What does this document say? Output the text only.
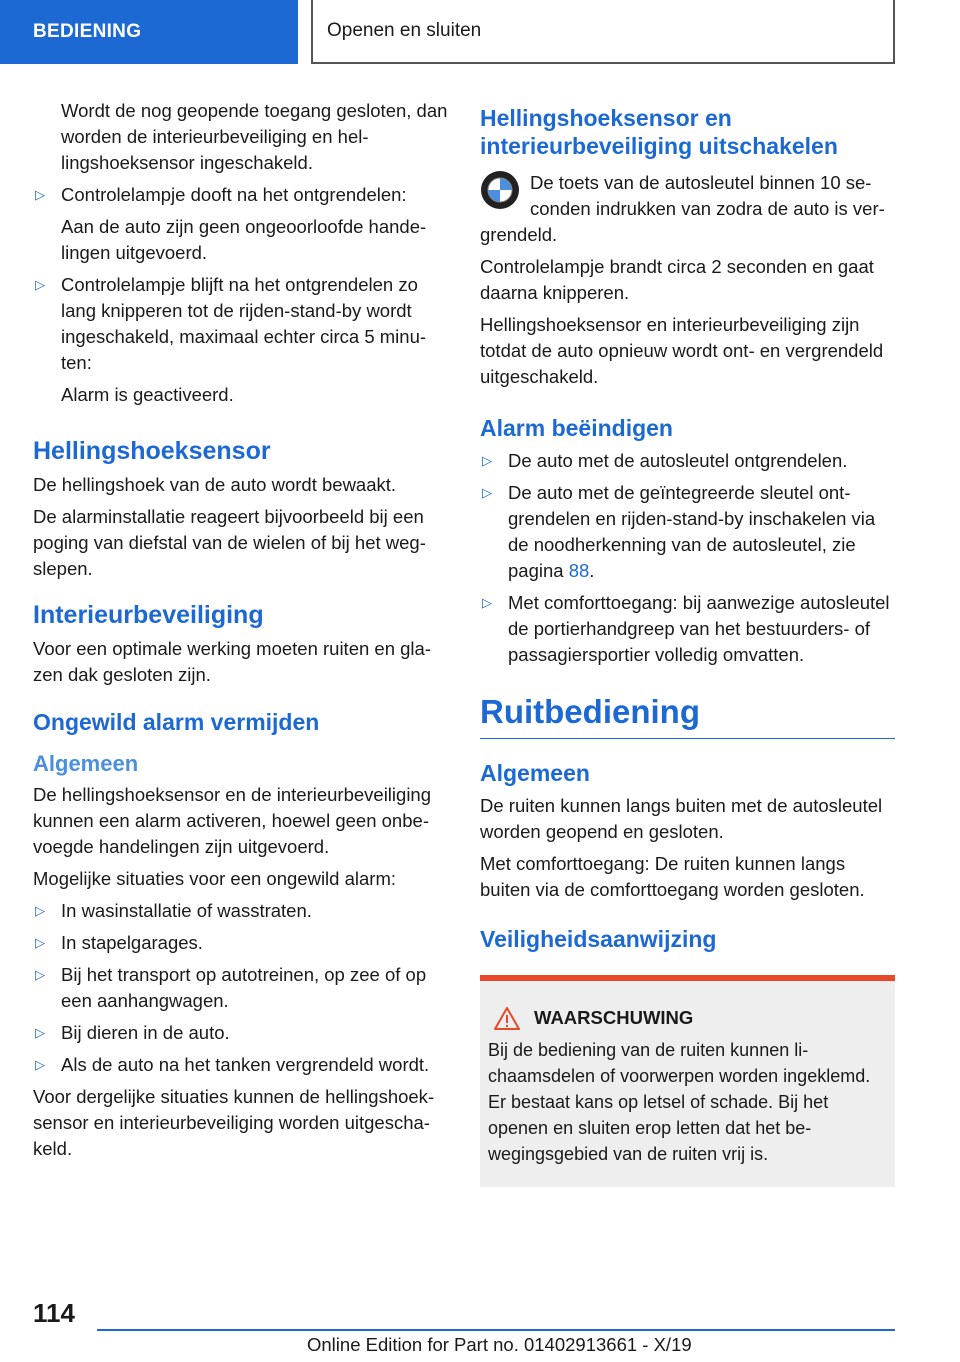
BEDIENING	Openen en sluiten

Wordt de nog geopende toegang gesloten, dan worden de interieurbeveiliging en hellingshoeksensor ingeschakeld.

▷ Controlelampje dooft na het ontgrendelen:
Aan de auto zijn geen ongeoorloofde handelingen uitgevoerd.
▷ Controlelampje blijft na het ontgrendelen zo lang knipperen tot de rijden-stand-by wordt ingeschakeld, maximaal echter circa 5 minuten:
Alarm is geactiveerd.
Hellingshoeksensor

De hellingshoek van de auto wordt bewaakt.

De alarminstallatie reageert bijvoorbeeld bij een poging van diefstal van de wielen of bij het wegslepen.

Interieurbeveiliging

Voor een optimale werking moeten ruiten en glazen dak gesloten zijn.

Ongewild alarm vermijden
Algemeen

De hellingshoeksensor en de interieurbeveiliging kunnen een alarm activeren, hoewel geen onbevoegde handelingen zijn uitgevoerd.

Mogelijke situaties voor een ongewild alarm:

▷ In wasinstallatie of wasstraten.
▷ In stapelgarages.
▷ Bij het transport op autotreinen, op zee of op een aanhangwagen.
▷ Bij dieren in de auto.
▷ Als de auto na het tanken vergrendeld wordt.

Voor dergelijke situaties kunnen de hellingshoeksensor en interieurbeveiliging worden uitgeschakeld.

Hellingshoeksensor en interieurbeveiliging uitschakelen

De toets van de autosleutel binnen 10 seconden indrukken van zodra de auto is vergrendeld.

Controlelampje brandt circa 2 seconden en gaat daarna knipperen.

Hellingshoeksensor en interieurbeveiliging zijn totdat de auto opnieuw wordt ont- en vergrendeld uitgeschakeld.

Alarm beëindigen
▷ De auto met de autosleutel ontgrendelen.
▷ De auto met de geïntegreerde sleutel ontgrendelen en rijden-stand-by inschakelen via de noodherkenning van de autosleutel, zie pagina 88.
▷ Met comforttoegang: bij aanwezige autosleutel de portierhandgreep van het bestuurders- of passagiersportier volledig omvatten.
Ruitbediening
Algemeen

De ruiten kunnen langs buiten met de autosleutel worden geopend en gesloten.

Met comforttoegang: De ruiten kunnen langs buiten via de comforttoegang worden gesloten.

Veiligheidsaanwijzing
WAARSCHUWING
Bij de bediening van de ruiten kunnen lichaamsdelen of voorwerpen worden ingeklemd. Er bestaat kans op letsel of schade. Bij het openen en sluiten erop letten dat het bewegingsgebied van de ruiten vrij is.
114
Online Edition for Part no. 01402913661 - X/19
